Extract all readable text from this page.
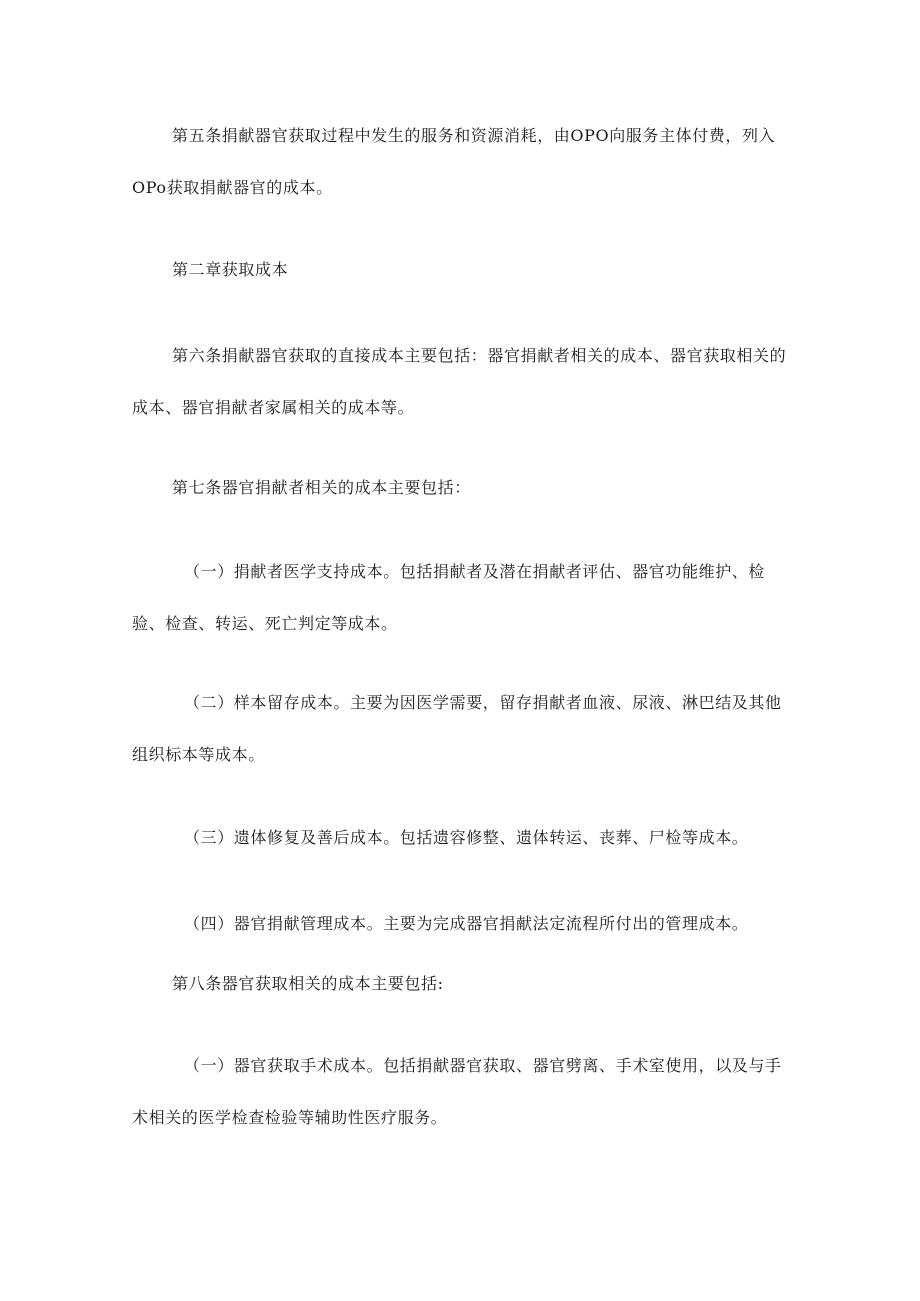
第五条捐献器官获取过程中发生的服务和资源消耗，由OPO向服务主体付费，列入OPo获取捐献器官的成本。

第二章获取成本

第六条捐献器官获取的直接成本主要包括：器官捐献者相关的成本、器官获取相关的成本、器官捐献者家属相关的成本等。

第七条器官捐献者相关的成本主要包括：

（一）捐献者医学支持成本。包括捐献者及潜在捐献者评估、器官功能维护、检验、检查、转运、死亡判定等成本。

（二）样本留存成本。主要为因医学需要，留存捐献者血液、尿液、淋巴结及其他组织标本等成本。

（三）遗体修复及善后成本。包括遗容修整、遗体转运、丧葬、尸检等成本。

（四）器官捐献管理成本。主要为完成器官捐献法定流程所付出的管理成本。

第八条器官获取相关的成本主要包括:

（一）器官获取手术成本。包括捐献器官获取、器官劈离、手术室使用，以及与手术相关的医学检查检验等辅助性医疗服务。
